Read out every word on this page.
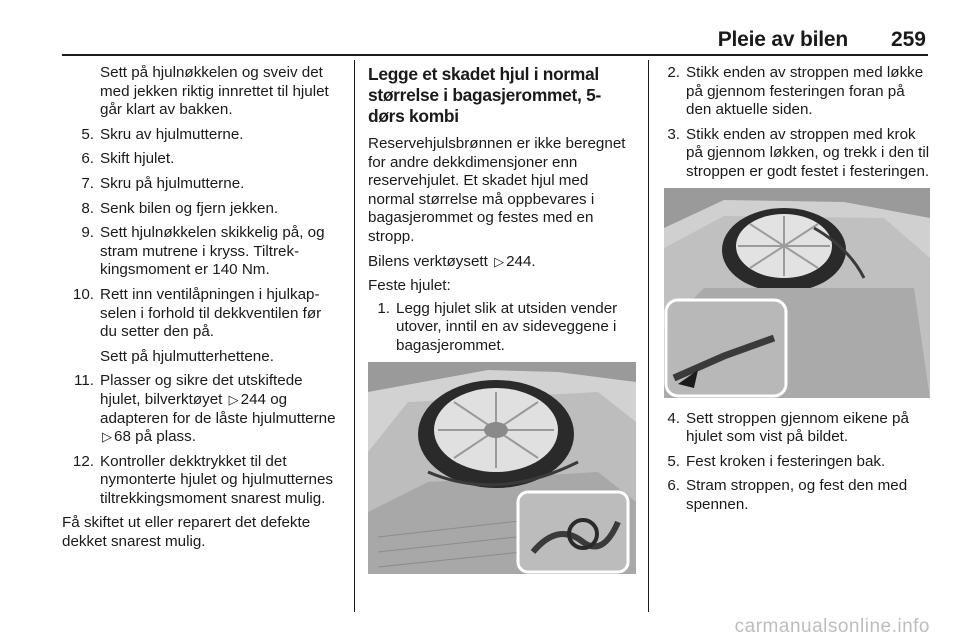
Pleie av bilen 259
Sett på hjulnøkkelen og sveiv det med jekken riktig innrettet til hjulet går klart av bakken.
5. Skru av hjulmutterne.
6. Skift hjulet.
7. Skru på hjulmutterne.
8. Senk bilen og fjern jekken.
9. Sett hjulnøkkelen skikkelig på, og stram mutrene i kryss. Tiltrekkingsmoment er 140 Nm.
10. Rett inn ventilåpningen i hjulkapselen i forhold til dekkventilen før du setter den på.
Sett på hjulmutterhettene.
11. Plasser og sikre det utskiftede hjulet, bilverktøyet ▷ 244 og adapteren for de låste hjulmutterne ▷ 68 på plass.
12. Kontroller dekktrykket til det nymonterte hjulet og hjulmutternes tiltrekkingsmoment snarest mulig.

Få skiftet ut eller reparert det defekte dekket snarest mulig.

Legge et skadet hjul i normal størrelse i bagasjerommet, 5-dørs kombi

Reservehjulsbrønnen er ikke beregnet for andre dekkdimensjoner enn reservehjulet. Et skadet hjul med normal størrelse må oppbevares i bagasjerommet og festes med en stropp.

Bilens verktøysett ▷ 244.

Feste hjulet:

1. Legg hjulet slik at utsiden vender utover, inntil en av sideveggene i bagasjerommet.
2. Stikk enden av stroppen med løkke på gjennom festeringen foran på den aktuelle siden.
3. Stikk enden av stroppen med krok på gjennom løkken, og trekk i den til stroppen er godt festet i festeringen.
4. Sett stroppen gjennom eikene på hjulet som vist på bildet.
5. Fest kroken i festeringen bak.
6. Stram stroppen, og fest den med spennen.
carmanualsonline.info
